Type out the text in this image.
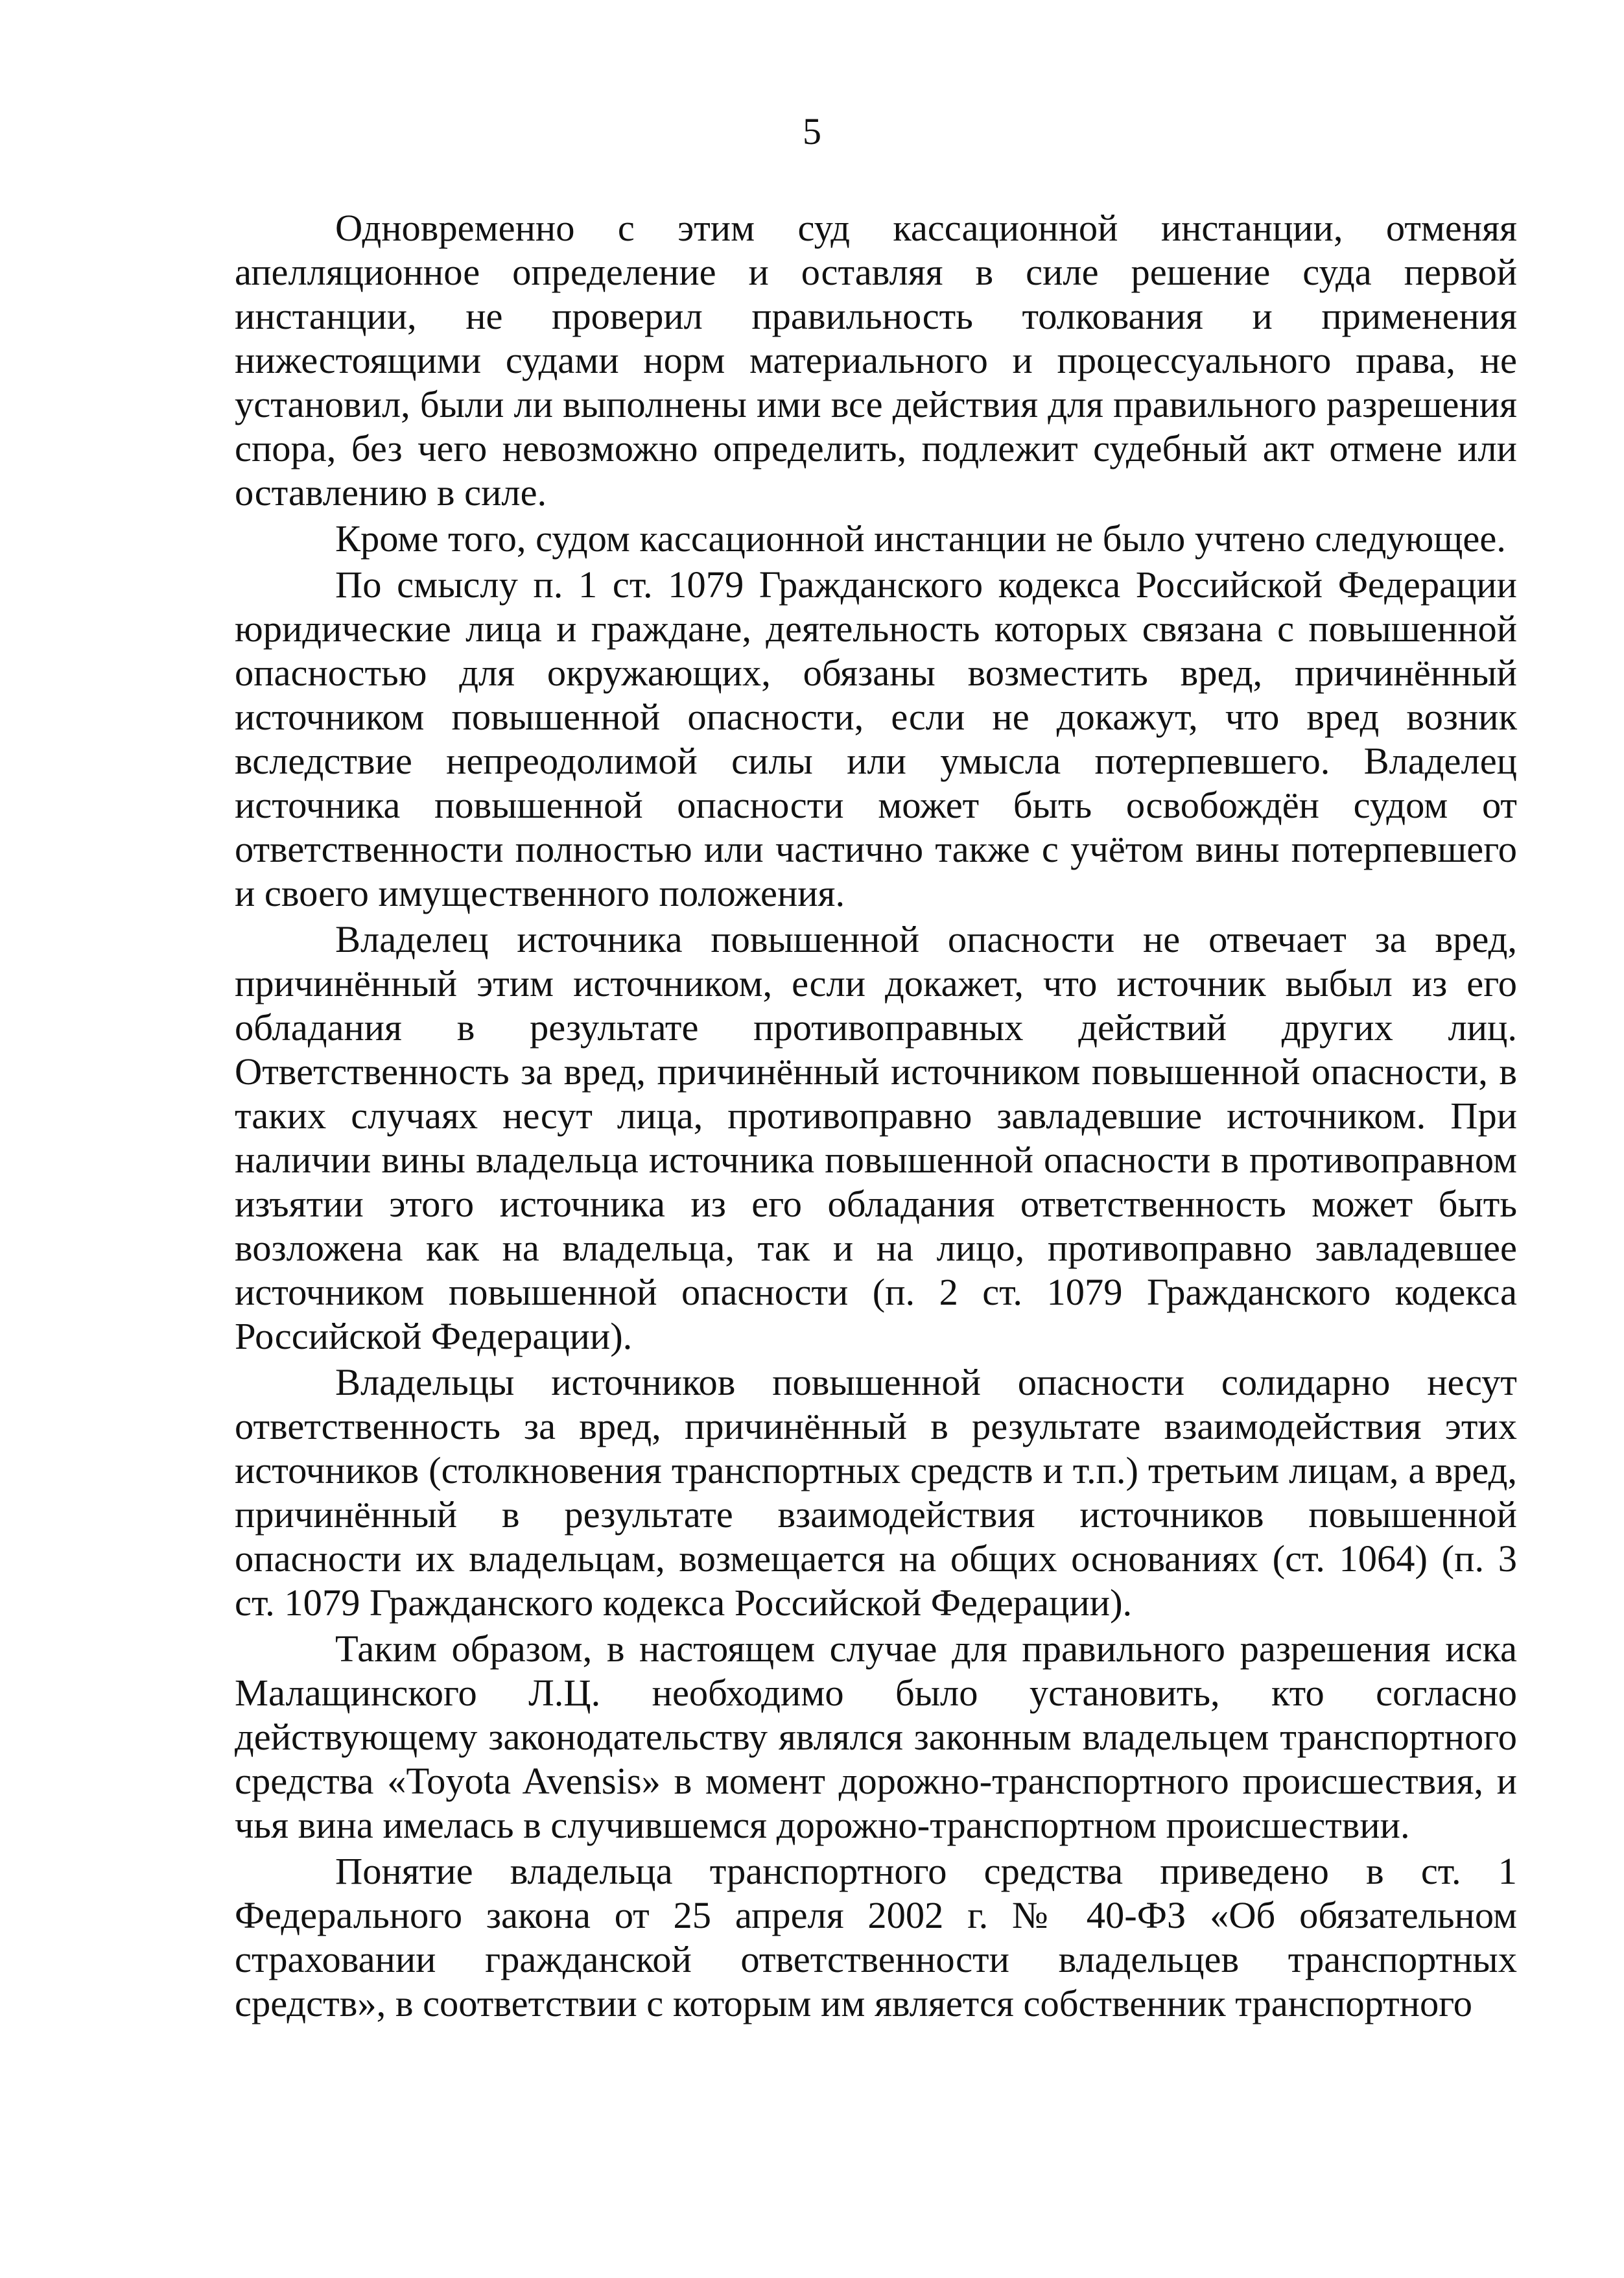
5

Одновременно с этим суд кассационной инстанции, отменяя апелляционное определение и оставляя в силе решение суда первой инстанции, не проверил правильность толкования и применения нижестоящими судами норм материального и процессуального права, не установил, были ли выполнены ими все действия для правильного разрешения спора, без чего невозможно определить, подлежит судебный акт отмене или оставлению в силе.

Кроме того, судом кассационной инстанции не было учтено следующее.

По смыслу п. 1 ст. 1079 Гражданского кодекса Российской Федерации юридические лица и граждане, деятельность которых связана с повышенной опасностью для окружающих, обязаны возместить вред, причинённый источником повышенной опасности, если не докажут, что вред возник вследствие непреодолимой силы или умысла потерпевшего. Владелец источника повышенной опасности может быть освобождён судом от ответственности полностью или частично также с учётом вины потерпевшего и своего имущественного положения.

Владелец источника повышенной опасности не отвечает за вред, причинённый этим источником, если докажет, что источник выбыл из его обладания в результате противоправных действий других лиц. Ответственность за вред, причинённый источником повышенной опасности, в таких случаях несут лица, противоправно завладевшие источником. При наличии вины владельца источника повышенной опасности в противоправном изъятии этого источника из его обладания ответственность может быть возложена как на владельца, так и на лицо, противоправно завладевшее источником повышенной опасности (п. 2 ст. 1079 Гражданского кодекса Российской Федерации).

Владельцы источников повышенной опасности солидарно несут ответственность за вред, причинённый в результате взаимодействия этих источников (столкновения транспортных средств и т.п.) третьим лицам, а вред, причинённый в результате взаимодействия источников повышенной опасности их владельцам, возмещается на общих основаниях (ст. 1064) (п. 3 ст. 1079 Гражданского кодекса Российской Федерации).

Таким образом, в настоящем случае для правильного разрешения иска Малащинского Л.Ц. необходимо было установить, кто согласно действующему законодательству являлся законным владельцем транспортного средства «Toyota Avensis» в момент дорожно-транспортного происшествия, и чья вина имелась в случившемся дорожно-транспортном происшествии.

Понятие владельца транспортного средства приведено в ст. 1 Федерального закона от 25 апреля 2002 г. № 40-ФЗ «Об обязательном страховании гражданской ответственности владельцев транспортных средств», в соответствии с которым им является собственник транспортного
